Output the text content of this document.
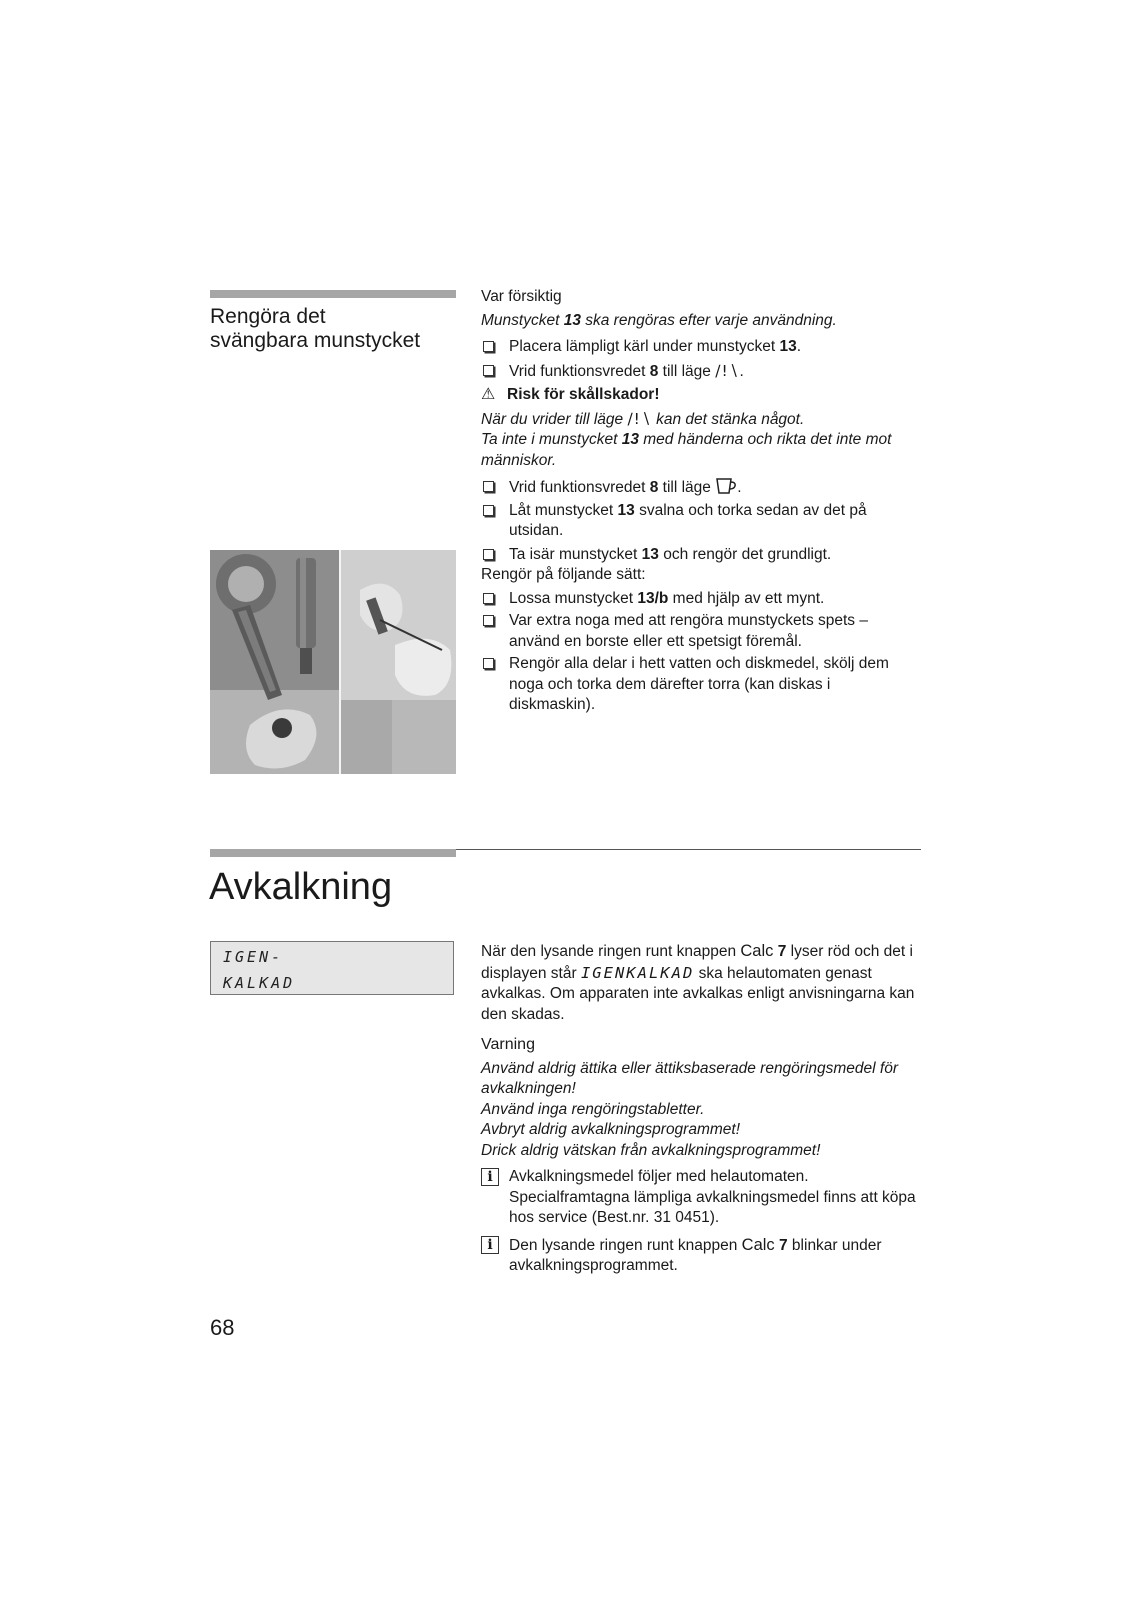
Rengöra det
svängbara munstycket

Var försiktig

Munstycket 13 ska rengöras efter varje användning.

Placera lämpligt kärl under munstycket 13.
Vrid funktionsvredet 8 till läge ∕!∖.
⚠ Risk för skållskador!

När du vrider till läge ∕!∖ kan det stänka något.

Ta inte i munstycket 13 med händerna och rikta det inte mot människor.

Vrid funktionsvredet 8 till läge .
Låt munstycket 13 svalna och torka sedan av det på utsidan.
Ta isär munstycket 13 och rengör det grundligt.

Rengör på följande sätt:

Lossa munstycket 13/b med hjälp av ett mynt.
Var extra noga med att rengöra munstyckets spets – använd en borste eller ett spetsigt föremål.
Rengör alla delar i hett vatten och diskmedel, skölj dem noga och torka dem därefter torra (kan diskas i diskmaskin).
Avkalkning
IGEN-
KALKAD

När den lysande ringen runt knappen Calc 7 lyser röd och det i displayen står IGENKALKAD ska helautomaten genast avkalkas. Om apparaten inte avkalkas enligt anvisningarna kan den skadas.

Varning

Använd aldrig ättika eller ättiksbaserade rengöringsmedel för avkalkningen!

Använd inga rengöringstabletter.

Avbryt aldrig avkalkningsprogrammet!

Drick aldrig vätskan från avkalkningsprogrammet!

i	Avkalkningsmedel följer med helautomaten. Specialframtagna lämpliga avkalkningsmedel finns att köpa hos service (Best.nr. 31 0451).
i	Den lysande ringen runt knappen Calc 7 blinkar under avkalkningsprogrammet.
68
